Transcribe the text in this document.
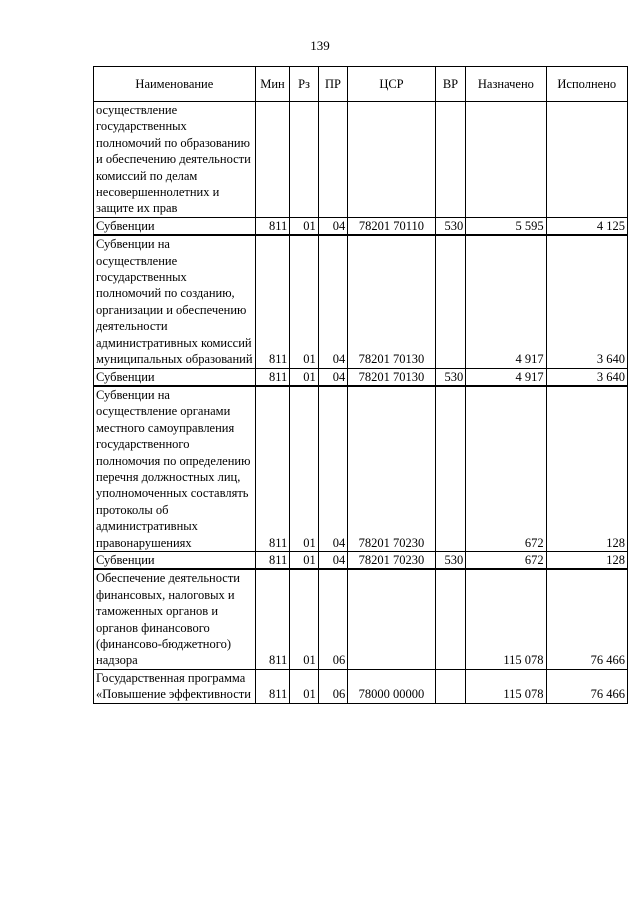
139
Наименование	Мин	Рз	ПР	ЦСР	ВР	Назначено	Исполнено
осуществление государственных полномочий по образованию и обеспечению деятельности комиссий по делам несовершеннолетних и защите их прав							
Субвенции	811	01	04	78201 70110	530	5 595	4 125
Субвенции на осуществление государственных полномочий по созданию, организации и обеспечению деятельности административных комиссий муниципальных образований	811	01	04	78201 70130		4 917	3 640
Субвенции	811	01	04	78201 70130	530	4 917	3 640
Субвенции на осуществление органами местного самоуправления государственного полномочия по определению перечня должностных лиц, уполномоченных составлять протоколы об административных правонарушениях	811	01	04	78201 70230		672	128
Субвенции	811	01	04	78201 70230	530	672	128
Обеспечение деятельности финансовых, налоговых и таможенных органов и органов финансового (финансово-бюджетного) надзора	811	01	06			115 078	76 466
Государственная программа «Повышение эффективности	811	01	06	78000 00000		115 078	76 466
